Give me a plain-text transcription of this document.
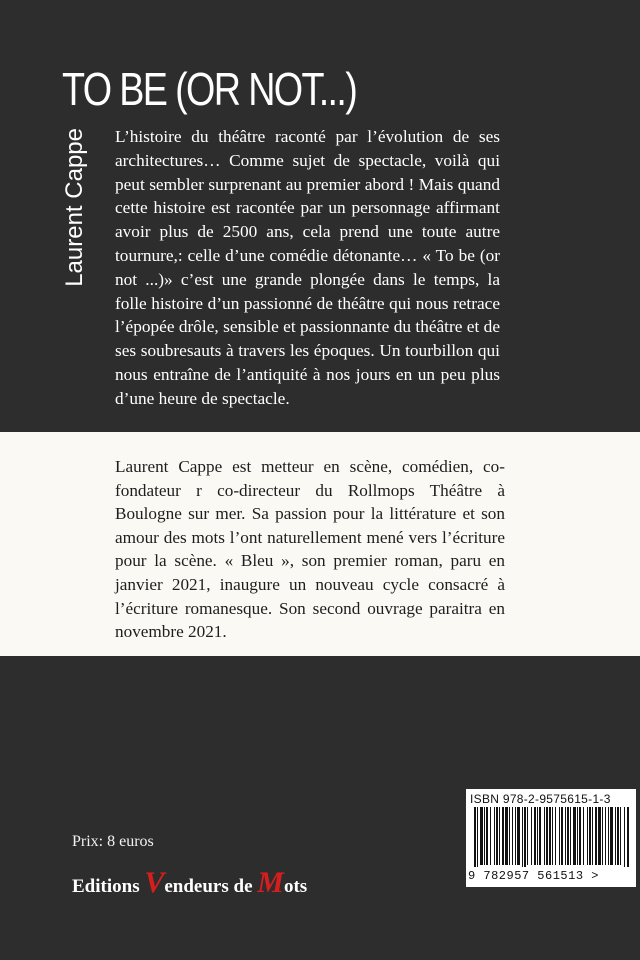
TO BE (OR NOT...)
Laurent Cappe L’histoire du théâtre raconté par l’évolution de ses architectures… Comme sujet de spectacle, voilà qui peut sembler surprenant au premier abord ! Mais quand cette histoire est racontée par un personnage affirmant avoir plus de 2500 ans, cela prend une toute autre tournure,: celle d’une comédie détonante… « To be (or not ...)» c’est une grande plongée dans le temps, la folle histoire d’un passionné de théâtre qui nous retrace l’épopée drôle, sensible et passionnante du théâtre et de ses soubresauts à travers les époques. Un tourbillon qui nous entraîne de l’antiquité à nos jours en un peu plus d’une heure de spectacle.

Laurent Cappe est metteur en scène, comédien, co-fondateur r co-directeur du Rollmops Théâtre à Boulogne sur mer. Sa passion pour la littérature et son amour des mots l’ont naturellement mené vers l’écriture pour la scène. « Bleu », son premier roman, paru en janvier 2021, inaugure un nouveau cycle consacré à l’écriture romanesque. Son second ouvrage paraitra en novembre 2021.

Prix: 8 euros
Editions Vendeurs de Mots
ISBN 978-2-9575615-1-3
9 782957 561513 >
